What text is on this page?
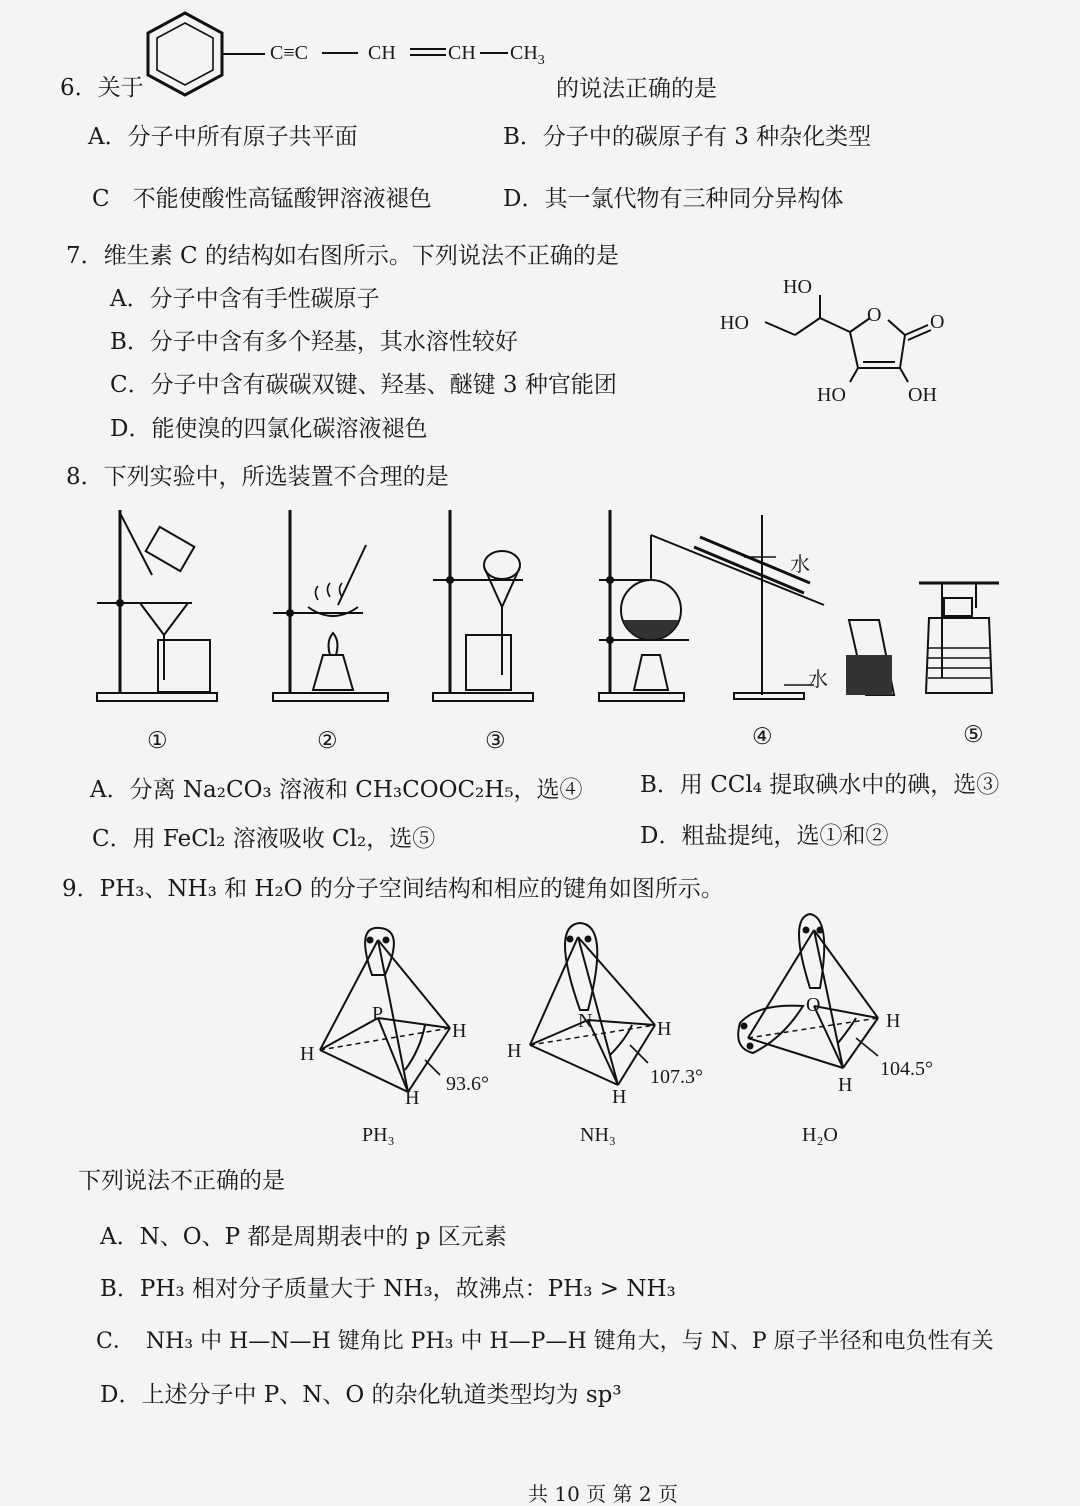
6．关于
C≡C	CH	CH $CH_3$
的说法正确的是
A．分子中所有原子共平面	B．分子中的碳原子有 3 种杂化类型
C　不能使酸性高锰酸钾溶液褪色	D．其一氯代物有三种同分异构体
7．维生素 C 的结构如右图所示。下列说法不正确的是
A．分子中含有手性碳原子
B．分子中含有多个羟基，其水溶性较好
C．分子中含有碳碳双键、羟基、醚键 3 种官能团
D．能使溴的四氯化碳溶液褪色
HO
HO	O O
HO	OH
8．下列实验中，所选装置不合理的是
水
水
①	②	③	④	⑤
A．分离 Na₂CO₃ 溶液和 CH₃COOC₂H₅，选④ B．用 CCl₄ 提取碘水中的碘，选③
C．用 FeCl₂ 溶液吸收 Cl₂，选⑤	D．粗盐提纯，选①和②
9．PH₃、NH₃ 和 H₂O 的分子空间结构和相应的键角如图所示。
P
H
H
H
93.6°
PH₃
N
H
H
H
107.3°
NH₃
O
H
H
104.5°
H₂O
下列说法不正确的是
A．N、O、P 都是周期表中的 p 区元素
B．PH₃ 相对分子质量大于 NH₃，故沸点：PH₃ > NH₃
C．　NH₃ 中 H—N—H 键角比 PH₃ 中 H—P—H 键角大，与 N、P 原子半径和电负性有关
D．上述分子中 P、N、O 的杂化轨道类型均为 sp³
共 10 页 第 2 页
